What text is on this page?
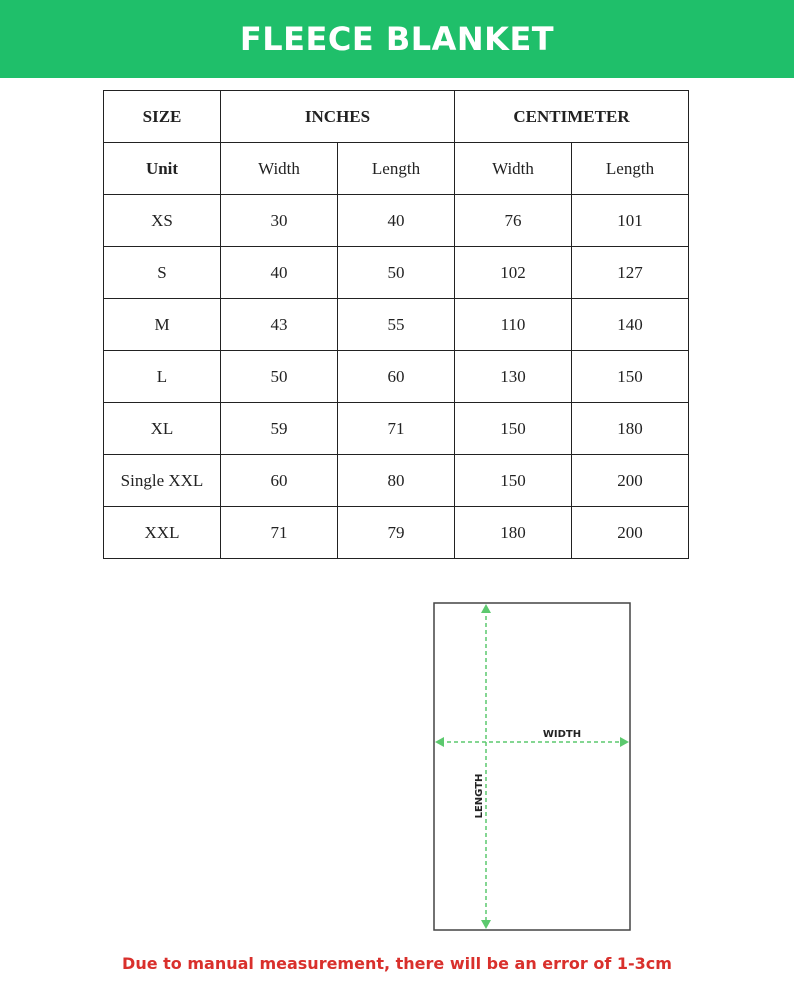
FLEECE BLANKET
SIZE	INCHES		CENTIMETER	
Unit	Width	Length	Width	Length
XS	30	40	76	101
S	40	50	102	127
M	43	55	110	140
L	50	60	130	150
XL	59	71	150	180
Single XXL	60	80	150	200
XXL	71	79	180	200
WIDTH
LENGTH
Due to manual measurement, there will be an error of 1-3cm
